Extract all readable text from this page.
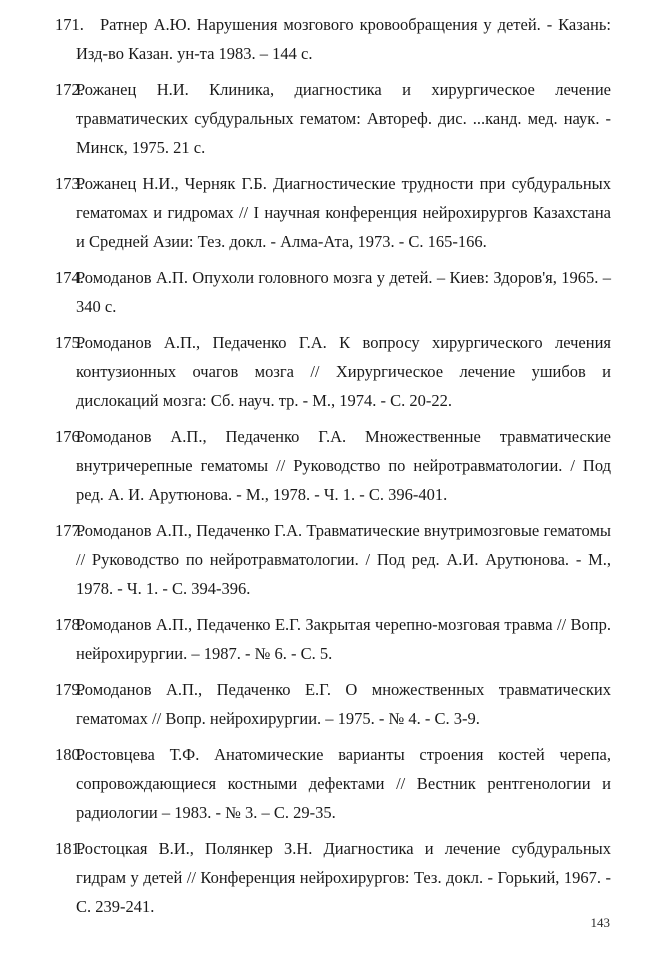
171. Ратнер А.Ю. Нарушения мозгового кровообращения у детей. - Казань: Изд-во Казан. ун-та 1983. – 144 с.
172.
Рожанец Н.И. Клиника, диагностика и хирургическое лечение травматических субдуральных гематом: Автореф. дис. ...канд. мед. наук. - Минск, 1975. 21 с.
173.
Рожанец Н.И., Черняк Г.Б. Диагностические трудности при субдуральных гематомах и гидромах // I научная конференция нейрохирургов Казахстана и Средней Азии: Тез. докл. - Алма-Ата, 1973. - С. 165-166.
174.
Ромоданов А.П. Опухоли головного мозга у детей. – Киев: Здоров'я, 1965. – 340 с.
175.
Ромоданов А.П., Педаченко Г.А. К вопросу хирургического лечения контузионных очагов мозга // Хирургическое лечение ушибов и дислокаций мозга: Сб. науч. тр. - М., 1974. - С. 20-22.
176.
Ромоданов А.П., Педаченко Г.А. Множественные травматические внутричерепные гематомы // Руководство по нейротравматологии. / Под ред. А. И. Арутюнова. - М., 1978. - Ч. 1. - С. 396-401.
177.
Ромоданов А.П., Педаченко Г.А. Травматические внутримозговые гематомы // Руководство по нейротравматологии. / Под ред. А.И. Арутюнова. - М., 1978. - Ч. 1. - С. 394-396.
178.
Ромоданов А.П., Педаченко Е.Г. Закрытая черепно-мозговая травма // Вопр. нейрохирургии. – 1987. - № 6. - С. 5.
179.
Ромоданов А.П., Педаченко Е.Г. О множественных травматических гематомах // Вопр. нейрохирургии. – 1975. - № 4. - С. 3-9.
180.
Ростовцева Т.Ф. Анатомические варианты строения костей черепа, сопровождающиеся костными дефектами // Вестник рентгенологии и радиологии – 1983. - № 3. – С. 29-35.
181.
Ростоцкая В.И., Полянкер З.Н. Диагностика и лечение субдуральных гидрам у детей // Конференция нейрохирургов: Тез. докл. - Горький, 1967. - С. 239-241.
143
